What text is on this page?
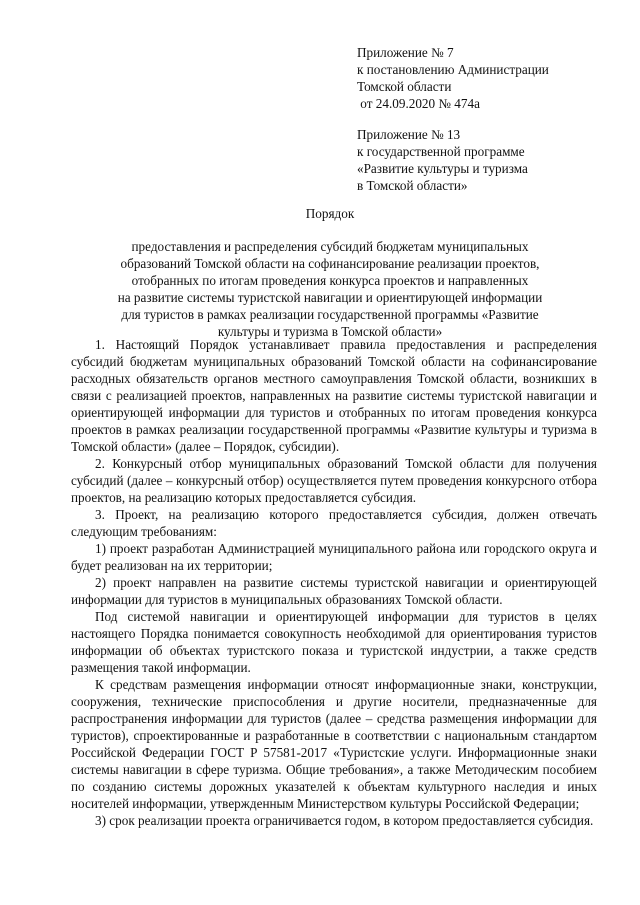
Приложение № 7
к постановлению Администрации
Томской области
от 24.09.2020 № 474а
Приложение № 13
к государственной программе
«Развитие культуры и туризма
в Томской области»
Порядок
предоставления и распределения субсидий бюджетам муниципальных
образований Томской области на софинансирование реализации проектов,
отобранных по итогам проведения конкурса проектов и направленных
на развитие системы туристской навигации и ориентирующей информации
для туристов в рамках реализации государственной программы «Развитие
культуры и туризма в Томской области»

1. Настоящий Порядок устанавливает правила предоставления и распределения субсидий бюджетам муниципальных образований Томской области на софинансирование расходных обязательств органов местного самоуправления Томской области, возникших в связи с реализацией проектов, направленных на развитие системы туристской навигации и ориентирующей информации для туристов и отобранных по итогам проведения конкурса проектов в рамках реализации государственной программы «Развитие культуры и туризма в Томской области» (далее – Порядок, субсидии).

2. Конкурсный отбор муниципальных образований Томской области для получения субсидий (далее – конкурсный отбор) осуществляется путем проведения конкурсного отбора проектов, на реализацию которых предоставляется субсидия.

3. Проект, на реализацию которого предоставляется субсидия, должен отвечать следующим требованиям:

1) проект разработан Администрацией муниципального района или городского округа и будет реализован на их территории;

2) проект направлен на развитие системы туристской навигации и ориентирующей информации для туристов в муниципальных образованиях Томской области.

Под системой навигации и ориентирующей информации для туристов в целях настоящего Порядка понимается совокупность необходимой для ориентирования туристов информации об объектах туристского показа и туристской индустрии, а также средств размещения такой информации.

К средствам размещения информации относят информационные знаки, конструкции, сооружения, технические приспособления и другие носители, предназначенные для распространения информации для туристов (далее – средства размещения информации для туристов), спроектированные и разработанные в соответствии с национальным стандартом Российской Федерации ГОСТ Р 57581-2017 «Туристские услуги. Информационные знаки системы навигации в сфере туризма. Общие требования», а также Методическим пособием по созданию системы дорожных указателей к объектам культурного наследия и иных носителей информации, утвержденным Министерством культуры Российской Федерации;

3) срок реализации проекта ограничивается годом, в котором предоставляется субсидия.
